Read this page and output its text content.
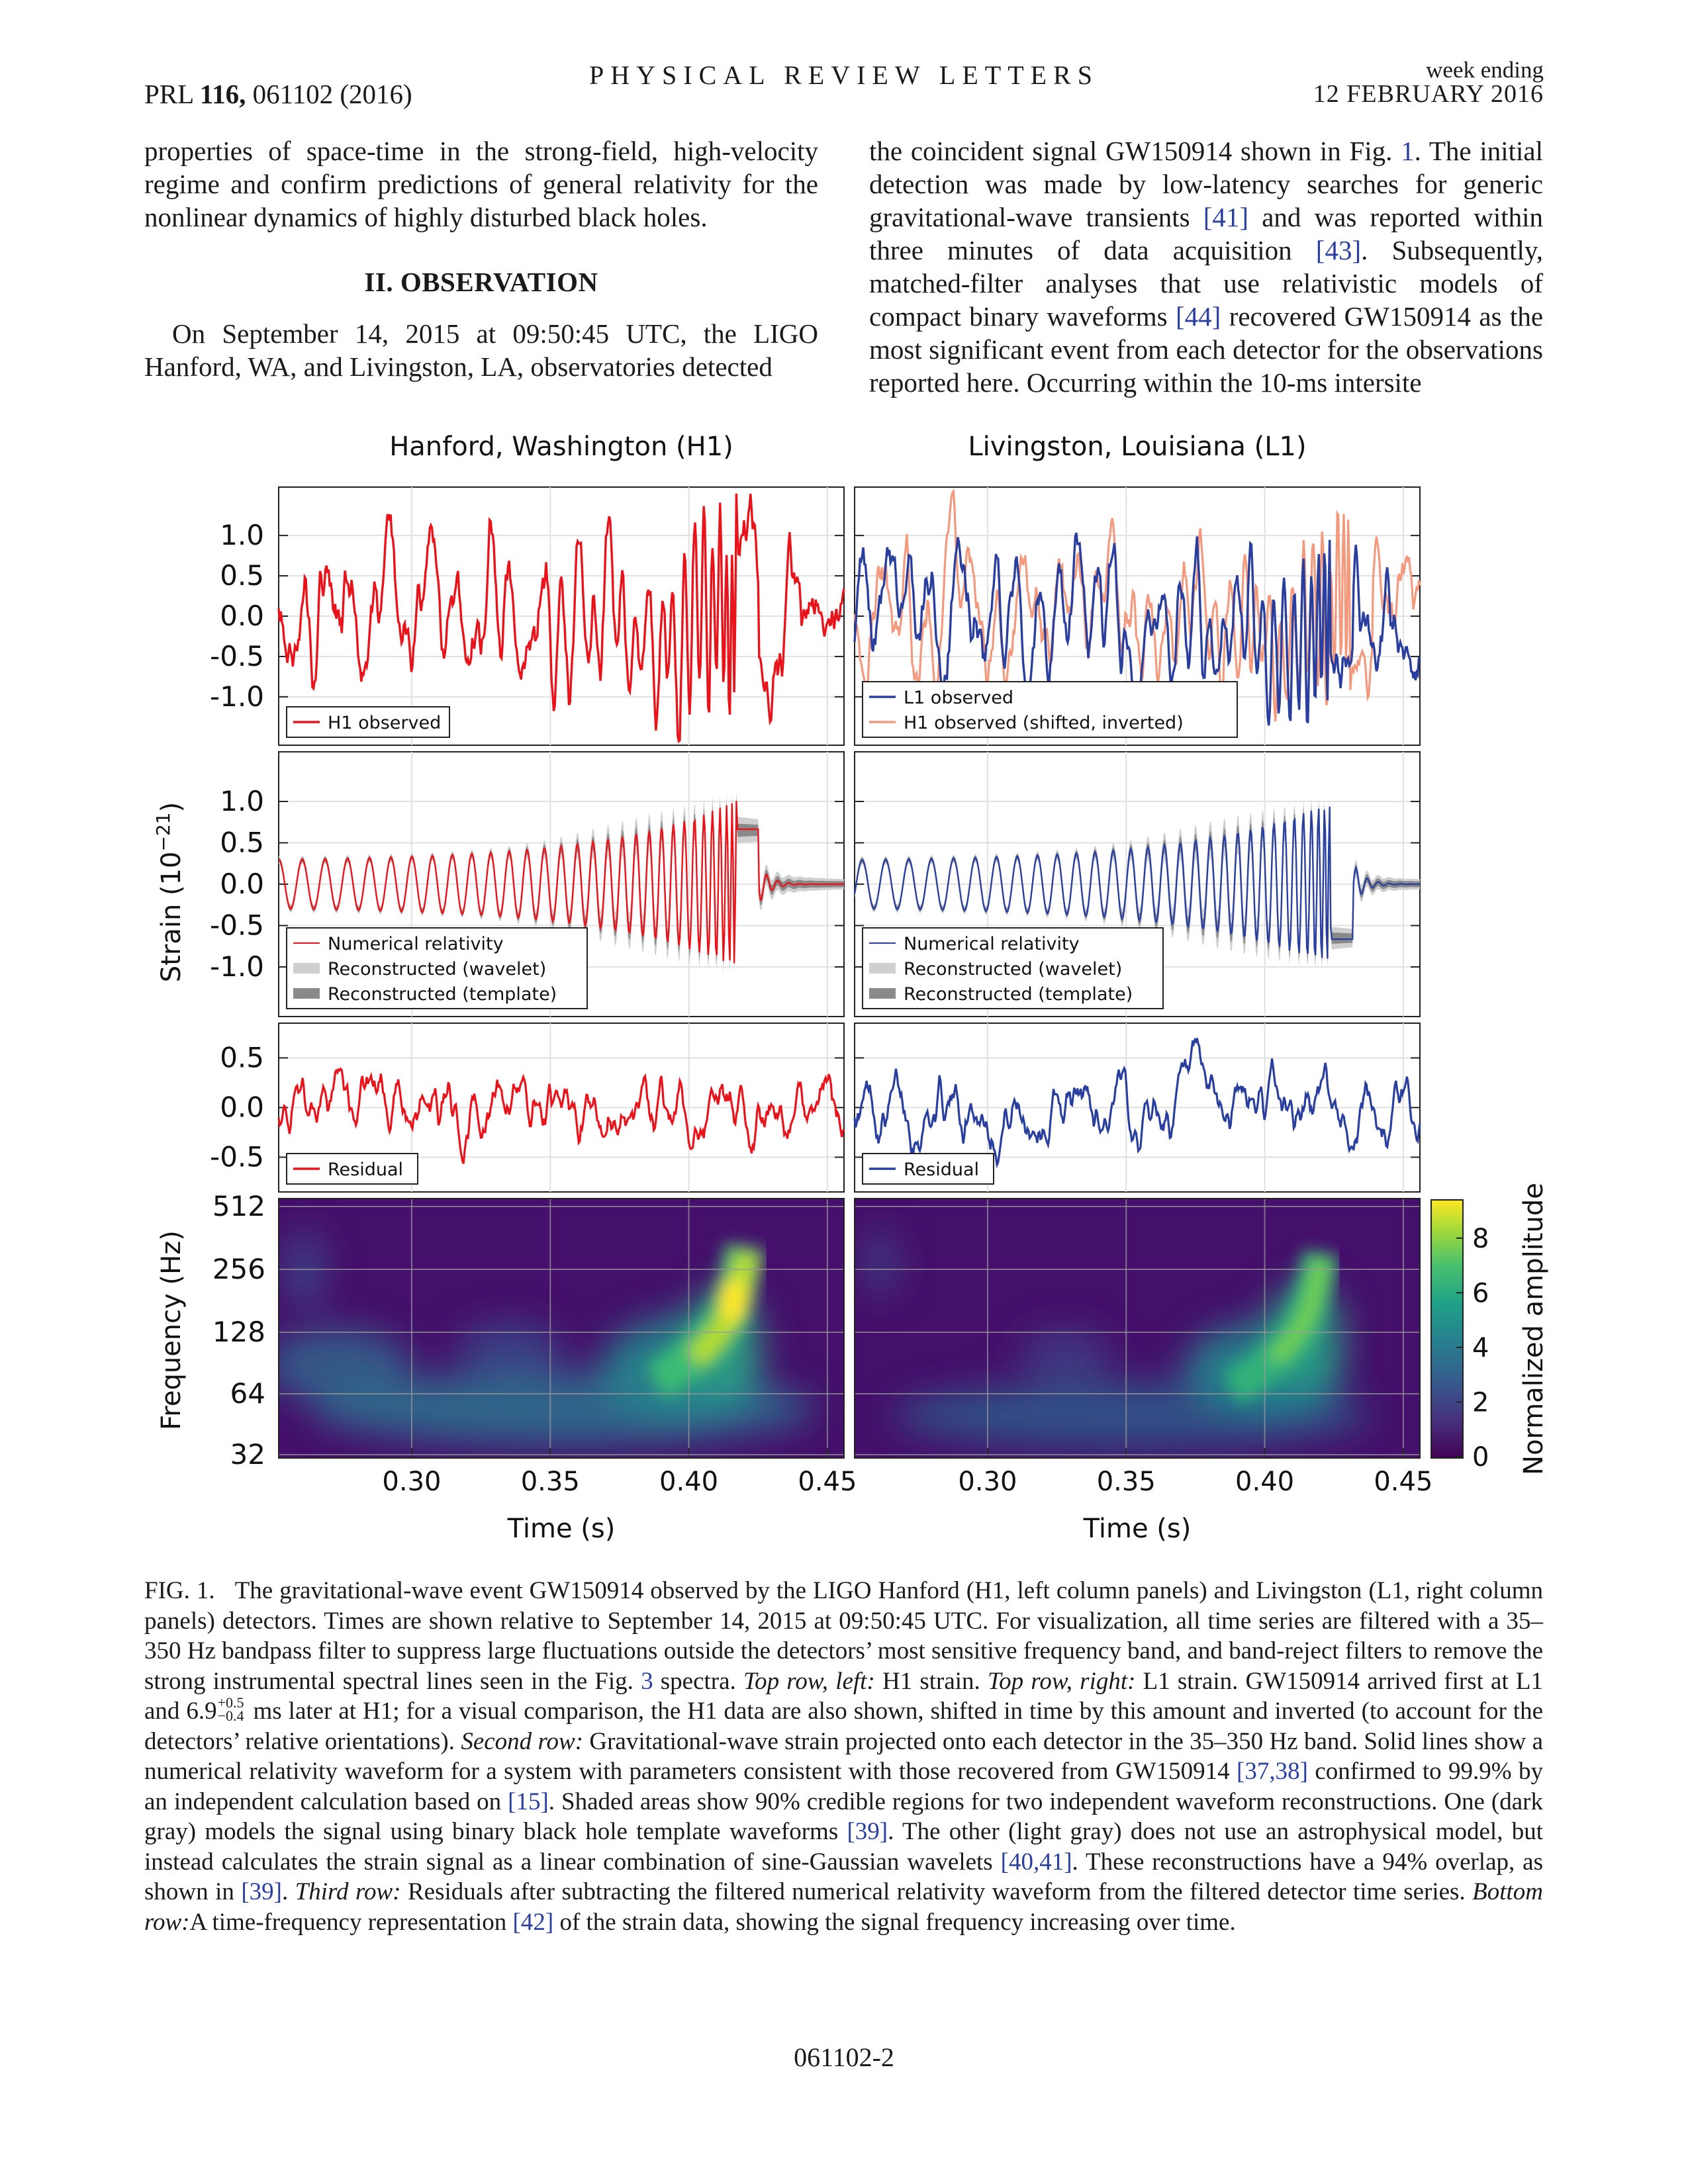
PRL 116, 061102 (2016)
PHYSICAL REVIEW LETTERS	week ending
12 FEBRUARY 2016

properties of space-time in the strong-field, high-velocity regime and confirm predictions of general relativity for the nonlinear dynamics of highly disturbed black holes.

II. OBSERVATION

On September 14, 2015 at 09:50:45 UTC, the LIGO Hanford, WA, and Livingston, LA, observatories detected

the coincident signal GW150914 shown in Fig. 1. The initial detection was made by low-latency searches for generic gravitational-wave transients [41] and was reported within three minutes of data acquisition [43]. Subsequently, matched-filter analyses that use relativistic models of compact binary waveforms [44] recovered GW150914 as the most significant event from each detector for the observations reported here. Occurring within the 10-ms intersite

Hanford, Washington (H1)	Livingston, Louisiana (L1)
Strain $(10^{-21})$
Frequency (Hz)
1.0
0.5
0.0
-0.5
-1.0
H1 observed
L1 observed
H1 observed (shifted, inverted)
1.0
0.5
0.0
-0.5
-1.0
Numerical relativity
Reconstructed (wavelet)
Reconstructed (template)
Numerical relativity
Reconstructed (wavelet)
Reconstructed (template)
0.5
0.0
-0.5	Residual	Residual
Normalized amplitude
Time (s)	Time (s)
0.30	0.35	0.40	0.45
512
256
128
64
32
0.30	0.35	0.40	0.45
8
6
4
2
0
FIG. 1. The gravitational-wave event GW150914 observed by the LIGO Hanford (H1, left column panels) and Livingston (L1, right column panels) detectors. Times are shown relative to September 14, 2015 at 09:50:45 UTC. For visualization, all time series are filtered with a 35–350 Hz bandpass filter to suppress large fluctuations outside the detectors’ most sensitive frequency band, and band-reject filters to remove the strong instrumental spectral lines seen in the Fig. 3 spectra. Top row, left: H1 strain. Top row, right: L1 strain. GW150914 arrived first at L1 and 6.9 +0.5
−0.4 ms later at H1; for a visual comparison, the H1 data are also shown, shifted in time by this amount and inverted (to account for the detectors’ relative orientations). Second row: Gravitational-wave strain projected onto each detector in the 35–350 Hz band. Solid lines show a numerical relativity waveform for a system with parameters consistent with those recovered from GW150914 [37,38] confirmed to 99.9% by an independent calculation based on [15]. Shaded areas show 90% credible regions for two independent waveform reconstructions. One (dark gray) models the signal using binary black hole template waveforms [39]. The other (light gray) does not use an astrophysical model, but instead calculates the strain signal as a linear combination of sine-Gaussian wavelets [40,41]. These reconstructions have a 94% overlap, as shown in [39]. Third row: Residuals after subtracting the filtered numerical relativity waveform from the filtered detector time series. Bottom row:A time-frequency representation [42] of the strain data, showing the signal frequency increasing over time.
061102-2
